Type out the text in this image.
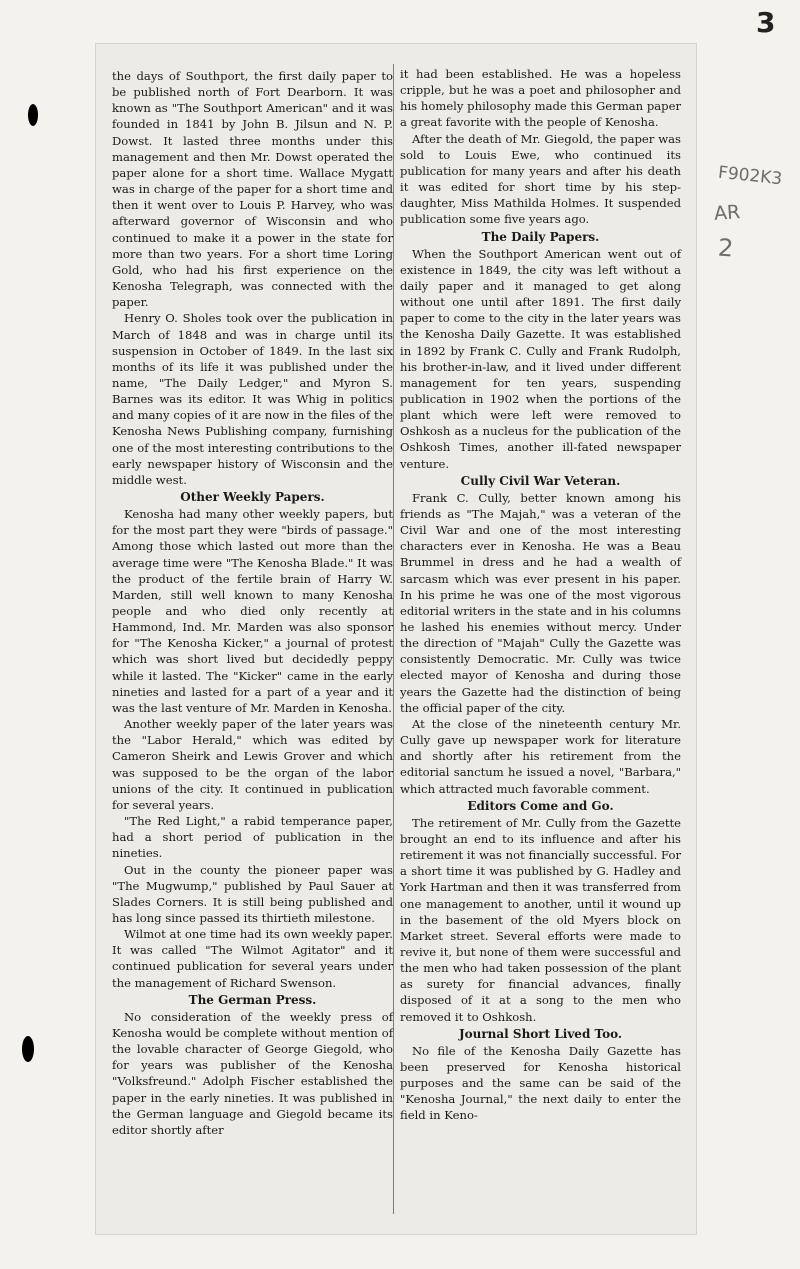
3
F902K3
AR
2

the days of Southport, the first daily paper to be published north of Fort Dearborn. It was known as "The Southport American" and it was founded in 1841 by John B. Jilsun and N. P. Dowst. It lasted three months under this management and then Mr. Dowst operated the paper alone for a short time. Wallace Mygatt was in charge of the paper for a short time and then it went over to Louis P. Harvey, who was afterward governor of Wisconsin and who continued to make it a power in the state for more than two years. For a short time Loring Gold, who had his first experience on the Kenosha Telegraph, was connected with the paper.

Henry O. Sholes took over the publication in March of 1848 and was in charge until its suspension in October of 1849. In the last six months of its life it was published under the name, "The Daily Ledger," and Myron S. Barnes was its editor. It was Whig in politics and many copies of it are now in the files of the Kenosha News Publishing company, furnishing one of the most interesting contributions to the early newspaper history of Wisconsin and the middle west.

Other Weekly Papers.

Kenosha had many other weekly papers, but for the most part they were "birds of passage." Among those which lasted out more than the average time were "The Kenosha Blade." It was the product of the fertile brain of Harry W. Marden, still well known to many Kenosha people and who died only recently at Hammond, Ind. Mr. Marden was also sponsor for "The Kenosha Kicker," a journal of protest which was short lived but decidedly peppy while it lasted. The "Kicker" came in the early nineties and lasted for a part of a year and it was the last venture of Mr. Marden in Kenosha.

Another weekly paper of the later years was the "Labor Herald," which was edited by Cameron Sheirk and Lewis Grover and which was supposed to be the organ of the labor unions of the city. It continued in publication for several years.

"The Red Light," a rabid temperance paper, had a short period of publication in the nineties.

Out in the county the pioneer paper was "The Mugwump," published by Paul Sauer at Slades Corners. It is still being published and has long since passed its thirtieth milestone.

Wilmot at one time had its own weekly paper. It was called "The Wilmot Agitator" and it continued publication for several years under the management of Richard Swenson.

The German Press.

No consideration of the weekly press of Kenosha would be complete without mention of the lovable character of George Giegold, who for years was publisher of the Kenosha "Volksfreund." Adolph Fischer established the paper in the early nineties. It was published in the German language and Giegold became its editor shortly after

it had been established. He was a hopeless cripple, but he was a poet and philosopher and his homely philosophy made this German paper a great favorite with the people of Kenosha.

After the death of Mr. Giegold, the paper was sold to Louis Ewe, who continued its publication for many years and after his death it was edited for short time by his step-daughter, Miss Mathilda Holmes. It suspended publication some five years ago.

The Daily Papers.

When the Southport American went out of existence in 1849, the city was left without a daily paper and it managed to get along without one until after 1891. The first daily paper to come to the city in the later years was the Kenosha Daily Gazette. It was established in 1892 by Frank C. Cully and Frank Rudolph, his brother-in-law, and it lived under different management for ten years, suspending publication in 1902 when the portions of the plant which were left were removed to Oshkosh as a nucleus for the publication of the Oshkosh Times, another ill-fated newspaper venture.

Cully Civil War Veteran.

Frank C. Cully, better known among his friends as "The Majah," was a veteran of the Civil War and one of the most interesting characters ever in Kenosha. He was a Beau Brummel in dress and he had a wealth of sarcasm which was ever present in his paper. In his prime he was one of the most vigorous editorial writers in the state and in his columns he lashed his enemies without mercy. Under the direction of "Majah" Cully the Gazette was consistently Democratic. Mr. Cully was twice elected mayor of Kenosha and during those years the Gazette had the distinction of being the official paper of the city.

At the close of the nineteenth century Mr. Cully gave up newspaper work for literature and shortly after his retirement from the editorial sanctum he issued a novel, "Barbara," which attracted much favorable comment.

Editors Come and Go.

The retirement of Mr. Cully from the Gazette brought an end to its influence and after his retirement it was not financially successful. For a short time it was published by G. Hadley and York Hartman and then it was transferred from one management to another, until it wound up in the basement of the old Myers block on Market street. Several efforts were made to revive it, but none of them were successful and the men who had taken possession of the plant as surety for financial advances, finally disposed of it at a song to the men who removed it to Oshkosh.

Journal Short Lived Too.

No file of the Kenosha Daily Gazette has been preserved for Kenosha historical purposes and the same can be said of the "Kenosha Journal," the next daily to enter the field in Keno-
